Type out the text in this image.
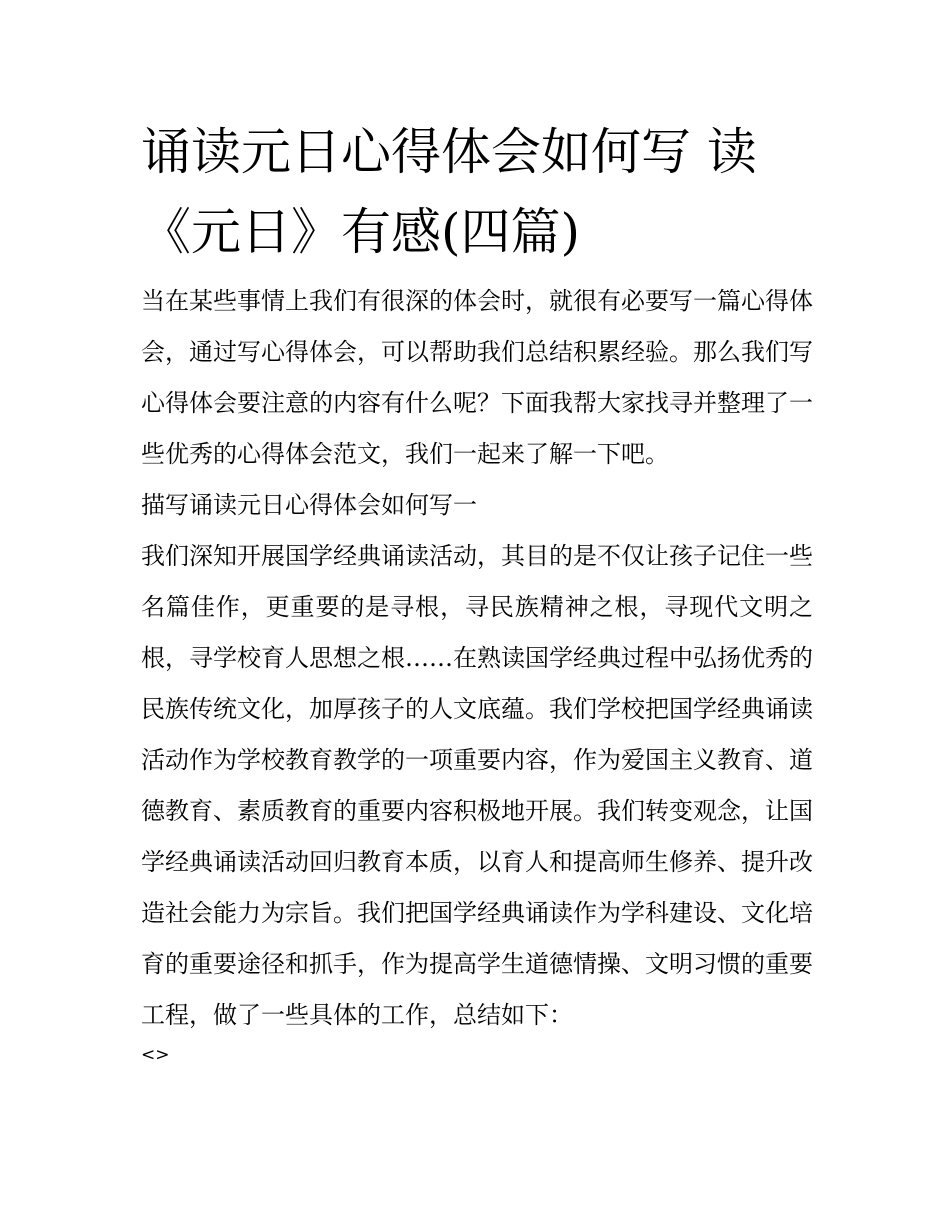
诵读元日心得体会如何写 读
《元日》有感(四篇)

当在某些事情上我们有很深的体会时，就很有必要写一篇心得体会，通过写心得体会，可以帮助我们总结积累经验。那么我们写心得体会要注意的内容有什么呢？下面我帮大家找寻并整理了一些优秀的心得体会范文，我们一起来了解一下吧。

描写诵读元日心得体会如何写一

我们深知开展国学经典诵读活动，其目的是不仅让孩子记住一些名篇佳作，更重要的是寻根，寻民族精神之根，寻现代文明之根，寻学校育人思想之根……在熟读国学经典过程中弘扬优秀的民族传统文化，加厚孩子的人文底蕴。我们学校把国学经典诵读活动作为学校教育教学的一项重要内容，作为爱国主义教育、道德教育、素质教育的重要内容积极地开展。我们转变观念，让国学经典诵读活动回归教育本质，以育人和提高师生修养、提升改造社会能力为宗旨。我们把国学经典诵读作为学科建设、文化培育的重要途径和抓手，作为提高学生道德情操、文明习惯的重要工程，做了一些具体的工作，总结如下：

<>
